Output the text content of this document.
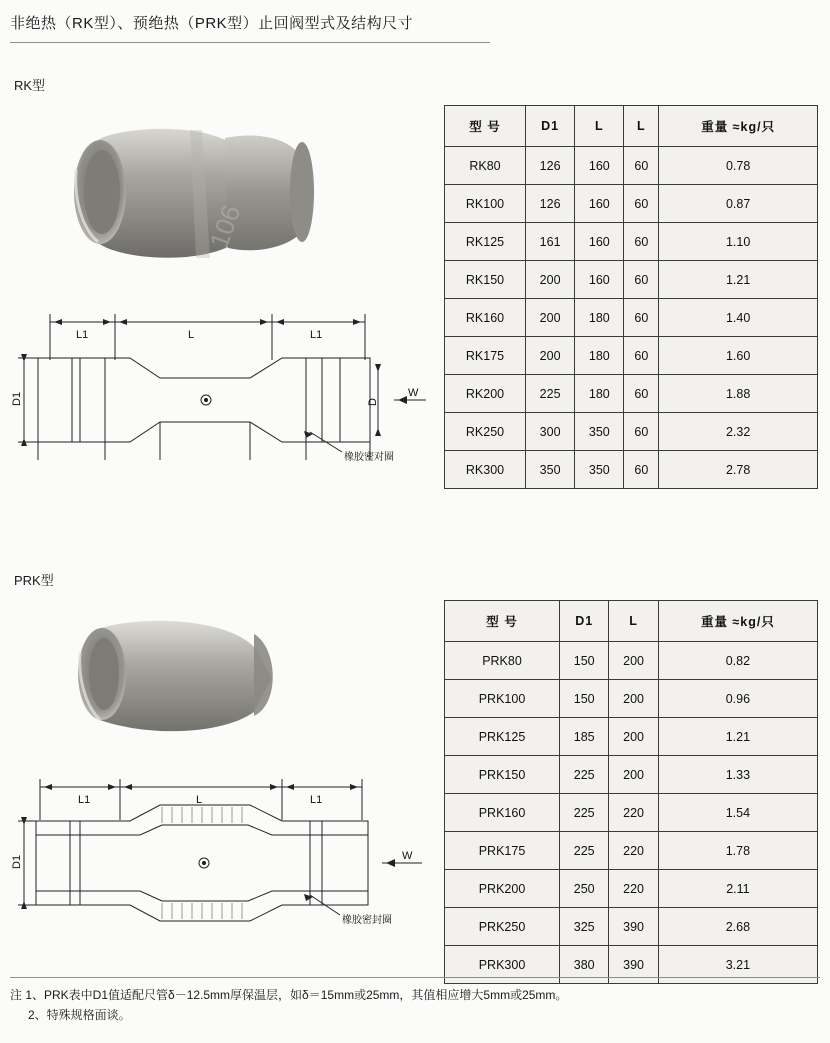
非绝热（RK型）、预绝热（PRK型）止回阀型式及结构尺寸
RK型
106
L1	L	L1
D1	D
W
橡胶密对圈
型 号	D1	L	L	重量 ≈kg/只
RK80	126	160	60	0.78
RK100	126	160	60	0.87
RK125	161	160	60	1.10
RK150	200	160	60	1.21
RK160	200	180	60	1.40
RK175	200	180	60	1.60
RK200	225	180	60	1.88
RK250	300	350	60	2.32
RK300	350	350	60	2.78
PRK型
L1	L	L1
D1	W
橡胶密封圈
型 号	D1	L	重量 ≈kg/只
PRK80	150	200	0.82
PRK100	150	200	0.96
PRK125	185	200	1.21
PRK150	225	200	1.33
PRK160	225	220	1.54
PRK175	225	220	1.78
PRK200	250	220	2.11
PRK250	325	390	2.68
PRK300	380	390	3.21
注 1、PRK表中D1值适配尺管δ－12.5mm厚保温层，如δ＝15mm或25mm，其值相应增大5mm或25mm。
2、特殊规格面谈。
